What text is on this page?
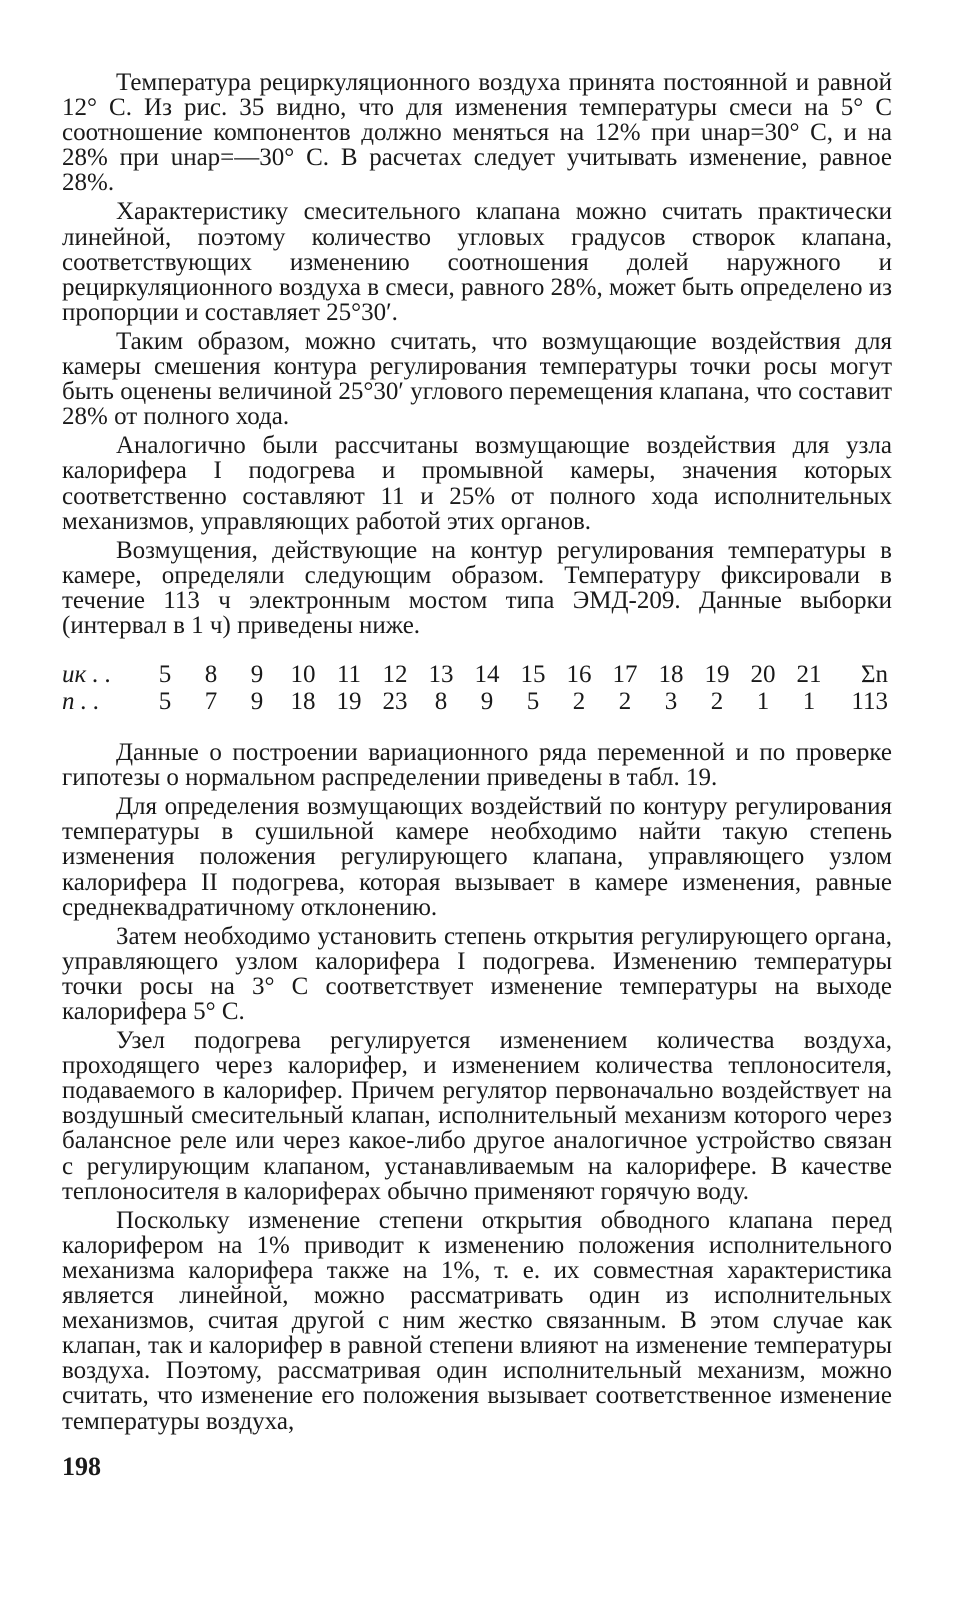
Температура рециркуляционного воздуха принята постоянной и равной 12° С. Из рис. 35 видно, что для изменения температуры смеси на 5° С соотношение компонентов должно меняться на 12% при uнар=30° С, и на 28% при uнар=—30° С. В расчетах следует учитывать изменение, равное 28%.

Характеристику смесительного клапана можно считать практически линейной, поэтому количество угловых градусов створок клапана, соответствующих изменению соотношения долей наружного и рециркуляционного воздуха в смеси, равного 28%, может быть определено из пропорции и составляет 25°30′.

Таким образом, можно считать, что возмущающие воздействия для камеры смешения контура регулирования температуры точки росы могут быть оценены величиной 25°30′ углового перемещения клапана, что составит 28% от полного хода.

Аналогично были рассчитаны возмущающие воздействия для узла калорифера I подогрева и промывной камеры, значения которых соответственно составляют 11 и 25% от полного хода исполнительных механизмов, управляющих работой этих органов.

Возмущения, действующие на контур регулирования температуры в камере, определяли следующим образом. Температуру фиксировали в течение 113 ч электронным мостом типа ЭМД-209. Данные выборки (интервал в 1 ч) приведены ниже.

uк . .	5	8	9	10 11 12 13 14 15 16 17 18 19 20 21	Σn
n . .	5	7	9	18 19 23	8	9	5	2	2	3	2	1	1	113

Данные о построении вариационного ряда переменной и по проверке гипотезы о нормальном распределении приведены в табл. 19.

Для определения возмущающих воздействий по контуру регулирования температуры в сушильной камере необходимо найти такую степень изменения положения регулирующего клапана, управляющего узлом калорифера II подогрева, которая вызывает в камере изменения, равные среднеквадратичному отклонению.

Затем необходимо установить степень открытия регулирующего органа, управляющего узлом калорифера I подогрева. Изменению температуры точки росы на 3° С соответствует изменение температуры на выходе калорифера 5° С.

Узел подогрева регулируется изменением количества воздуха, проходящего через калорифер, и изменением количества теплоносителя, подаваемого в калорифер. Причем регулятор первоначально воздействует на воздушный смесительный клапан, исполнительный механизм которого через балансное реле или через какое-либо другое аналогичное устройство связан с регулирующим клапаном, устанавливаемым на калорифере. В качестве теплоносителя в калориферах обычно применяют горячую воду.

Поскольку изменение степени открытия обводного клапана перед калорифером на 1% приводит к изменению положения исполнительного механизма калорифера также на 1%, т. е. их совместная характеристика является линейной, можно рассматривать один из исполнительных механизмов, считая другой с ним жестко связанным. В этом случае как клапан, так и калорифер в равной степени влияют на изменение температуры воздуха. Поэтому, рассматривая один исполнительный механизм, можно считать, что изменение его положения вызывает соответственное изменение температуры воздуха,

198
